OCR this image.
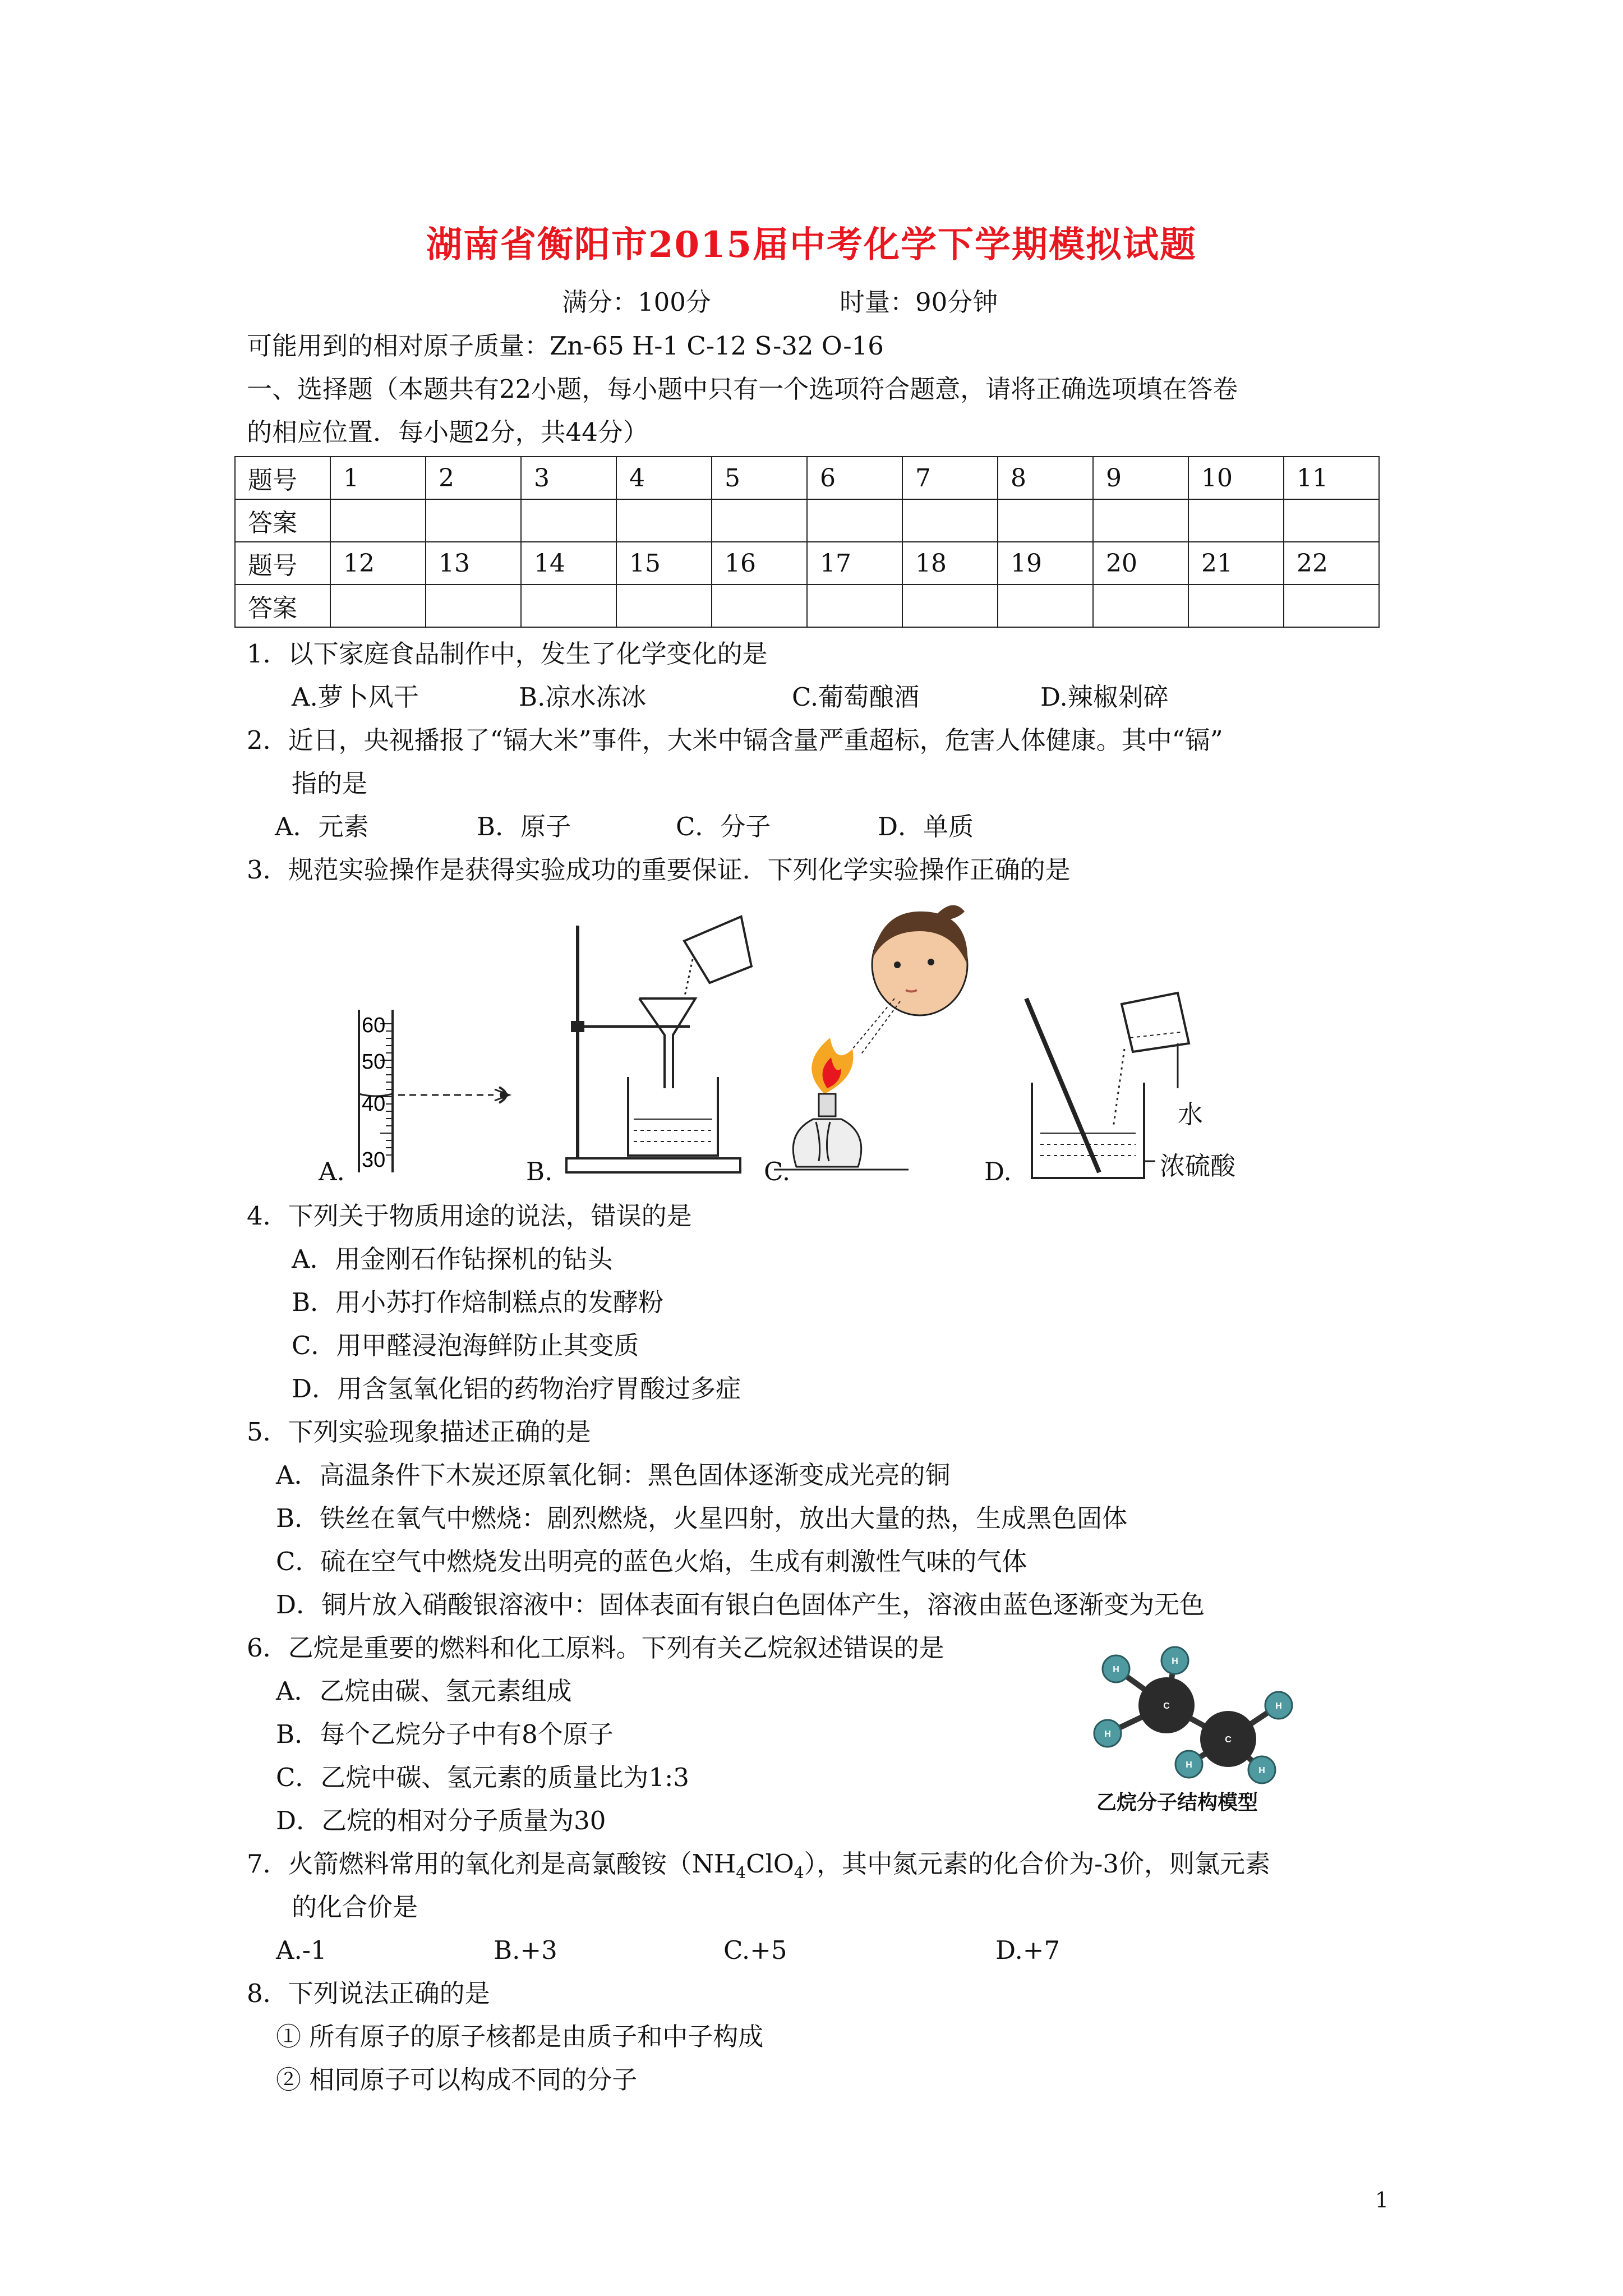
湖南省衡阳市2015届中考化学下学期模拟试题
满分：100分	时量：90分钟
可能用到的相对原子质量：Zn-65 H-1 C-12 S-32 O-16
一、选择题（本题共有22小题，每小题中只有一个选项符合题意，请将正确选项填在答卷
的相应位置．每小题2分，共44分）
题号	1	2	3	4	5	6	7	8	9	10	11
答案											
题号	12	13	14	15	16	17	18	19	20	21	22
答案											
1．以下家庭食品制作中，发生了化学变化的是
A.萝卜风干	B.凉水冻冰	C.葡萄酿酒	D.辣椒剁碎
2．近日，央视播报了“镉大米”事件，大米中镉含量严重超标，危害人体健康。其中“镉”
指的是
A．元素	B．原子	C．分子	D．单质
3．规范实验操作是获得实验成功的重要保证．下列化学实验操作正确的是
60
50
40
30
A.	B.	C.
水
浓硫酸
D.
4．下列关于物质用途的说法，错误的是
A．用金刚石作钻探机的钻头
B．用小苏打作焙制糕点的发酵粉
C．用甲醛浸泡海鲜防止其变质
D．用含氢氧化铝的药物治疗胃酸过多症
5．下列实验现象描述正确的是
A．高温条件下木炭还原氧化铜：黑色固体逐渐变成光亮的铜
B．铁丝在氧气中燃烧：剧烈燃烧，火星四射，放出大量的热，生成黑色固体
C．硫在空气中燃烧发出明亮的蓝色火焰，生成有刺激性气味的气体
D．铜片放入硝酸银溶液中：固体表面有银白色固体产生，溶液由蓝色逐渐变为无色
6．乙烷是重要的燃料和化工原料。下列有关乙烷叙述错误的是
A．乙烷由碳、氢元素组成
B．每个乙烷分子中有8个原子
C．乙烷中碳、氢元素的质量比为1:3
D．乙烷的相对分子质量为30
H
H
H
H
H
H
C
C
乙烷分子结构模型
7．火箭燃料常用的氧化剂是高氯酸铵$(NH_4ClO_4)$，其中氮元素的化合价为-3价，则氯元素
的化合价是
A.-1	B.+3	C.+5	D.+7
8．下列说法正确的是
① 所有原子的原子核都是由质子和中子构成
② 相同原子可以构成不同的分子
1
